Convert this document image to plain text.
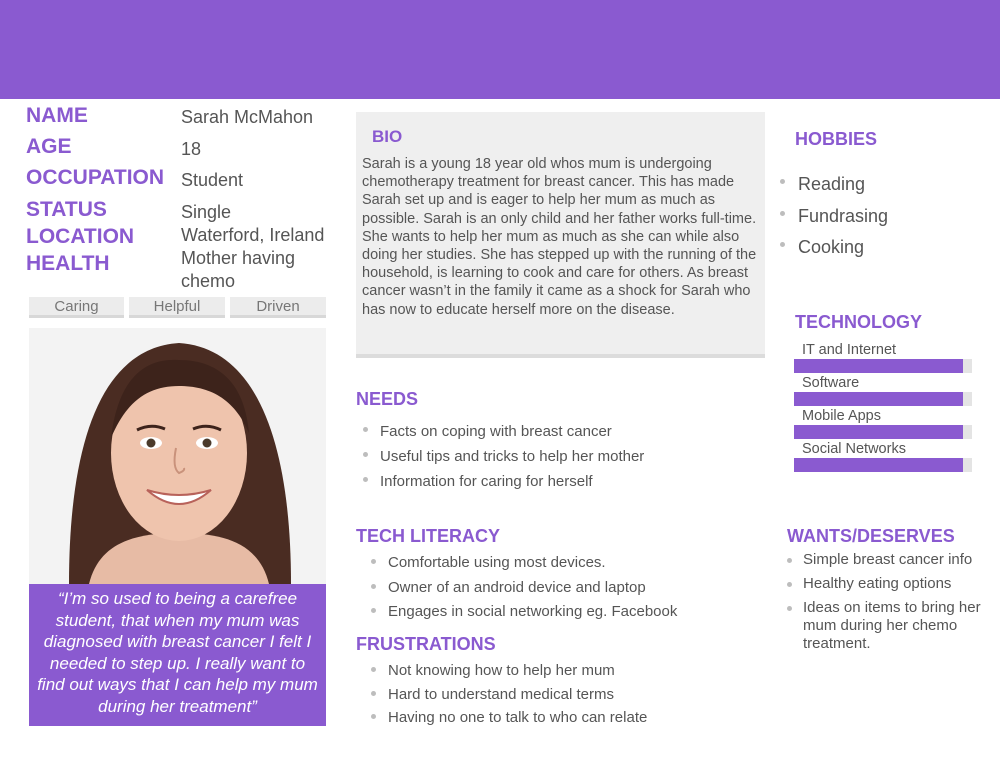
NAME	Sarah McMahon
AGE	18
OCCUPATION Student
STATUS	Single
LOCATION	Waterford, Ireland
HEALTH	Mother having chemo
Caring	Helpful	Driven
“I’m so used to being a carefree student, that when my mum was diagnosed with breast cancer I felt I needed to step up. I really want to find out ways that I can help my mum during her treatment”
BIO
Sarah is a young 18 year old whos mum is undergoing chemotherapy treatment for breast cancer. This has made Sarah set up and is eager to help her mum as much as possible. Sarah is an only child and her father works full-time. She wants to help her mum as much as she can while also doing her studies. She has stepped up with the running of the household, is learning to cook and care for others. As breast cancer wasn’t in the family it came as a shock for Sarah who has now to educate herself more on the disease.
NEEDS
Facts on coping with breast cancer
Useful tips and tricks to help her mother
Information for caring for herself
TECH LITERACY
Comfortable using most devices.
Owner of an android device and laptop
Engages in social networking eg. Facebook
FRUSTRATIONS
Not knowing how to help her mum
Hard to understand medical terms
Having no one to talk to who can relate
HOBBIES
Reading
Fundrasing
Cooking
TECHNOLOGY
IT and Internet
Software
Mobile Apps
Social Networks
WANTS/DESERVES
Simple breast cancer info
Healthy eating options
Ideas on items to bring her mum during her chemo treatment.
